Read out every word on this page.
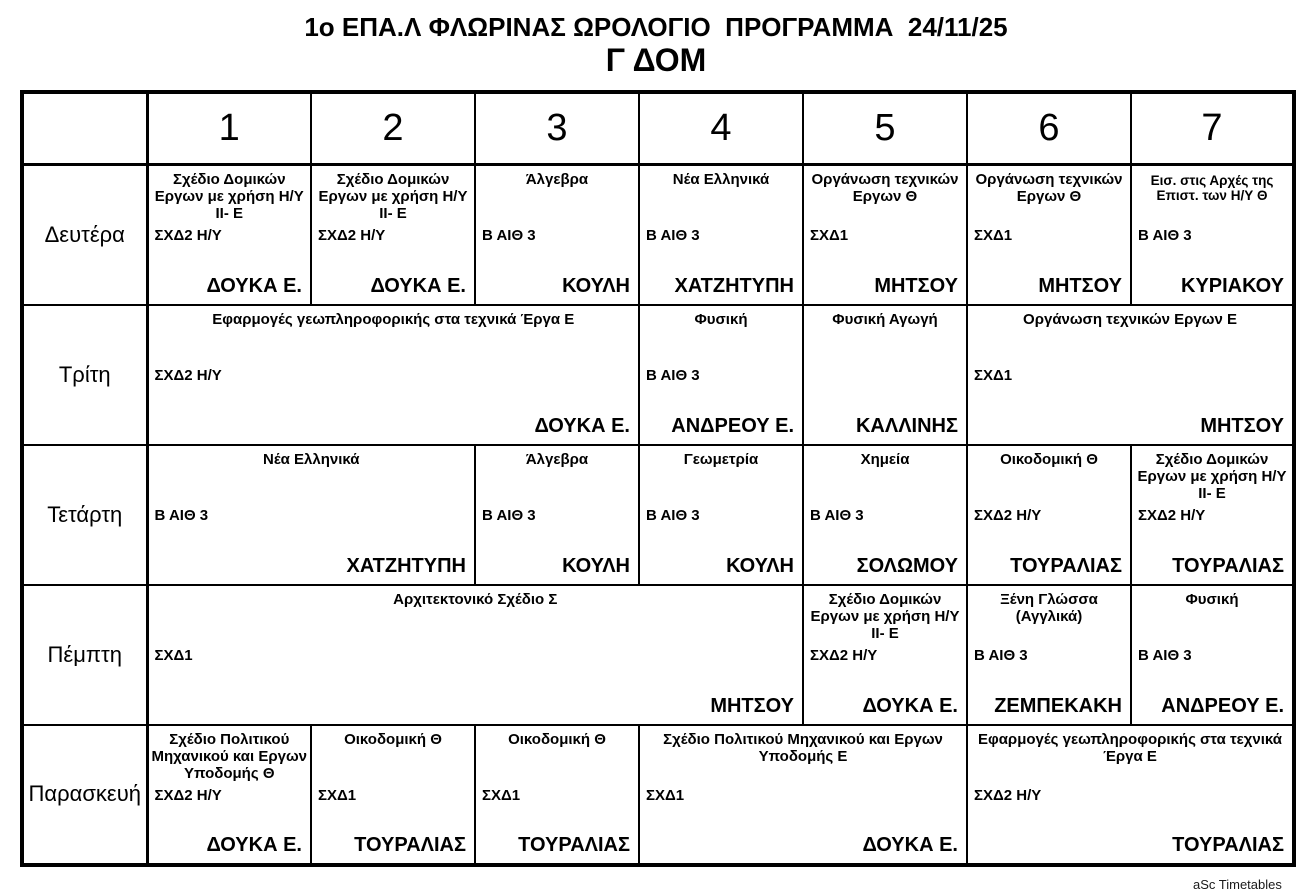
1ο ΕΠΑ.Λ ΦΛΩΡΙΝΑΣ ΩΡΟΛΟΓΙΟ  ΠΡΟΓΡΑΜΜΑ  24/11/25
Γ ΔΟΜ
	1	2	3	4	5	6	7
Δευτέρα	
Σχέδιο Δομικών Εργων με χρήση Η/Υ ΙΙ- Ε
ΣΧΔ2 Η/Υ
ΔΟΥΚΑ Ε.

Σχέδιο Δομικών Εργων με χρήση Η/Υ ΙΙ- Ε
ΣΧΔ2 Η/Υ
ΔΟΥΚΑ Ε.

Άλγεβρα
Β ΑΙΘ 3
ΚΟΥΛΗ

Νέα Ελληνικά
Β ΑΙΘ 3
ΧΑΤΖΗΤΥΠΗ

Οργάνωση τεχνικών Εργων Θ
ΣΧΔ1
ΜΗΤΣΟΥ

Οργάνωση τεχνικών Εργων Θ
ΣΧΔ1
ΜΗΤΣΟΥ

Εισ. στις Αρχές της Επιστ. των Η/Υ Θ
Β ΑΙΘ 3
ΚΥΡΙΑΚΟΥ

Τρίτη	
Εφαρμογές γεωπληροφορικής στα τεχνικά Έργα Ε
ΣΧΔ2 Η/Υ
ΔΟΥΚΑ Ε.

Φυσική
Β ΑΙΘ 3
ΑΝΔΡΕΟΥ Ε.

Φυσική Αγωγή
ΚΑΛΛΙΝΗΣ

Οργάνωση τεχνικών Εργων Ε
ΣΧΔ1
ΜΗΤΣΟΥ

Τετάρτη	
Νέα Ελληνικά
Β ΑΙΘ 3
ΧΑΤΖΗΤΥΠΗ

Άλγεβρα
Β ΑΙΘ 3
ΚΟΥΛΗ

Γεωμετρία
Β ΑΙΘ 3
ΚΟΥΛΗ

Χημεία
Β ΑΙΘ 3
ΣΟΛΩΜΟΥ

Οικοδομική Θ
ΣΧΔ2 Η/Υ
ΤΟΥΡΑΛΙΑΣ

Σχέδιο Δομικών Εργων με χρήση Η/Υ ΙΙ- Ε
ΣΧΔ2 Η/Υ
ΤΟΥΡΑΛΙΑΣ

Πέμπτη	
Αρχιτεκτονικό Σχέδιο Σ
ΣΧΔ1
ΜΗΤΣΟΥ

Σχέδιο Δομικών Εργων με χρήση Η/Υ ΙΙ- Ε
ΣΧΔ2 Η/Υ
ΔΟΥΚΑ Ε.

Ξένη Γλώσσα (Αγγλικά)
Β ΑΙΘ 3
ΖΕΜΠΕΚΑΚΗ

Φυσική
Β ΑΙΘ 3
ΑΝΔΡΕΟΥ Ε.

Παρασκευή	
Σχέδιο Πολιτικού Μηχανικού και Εργων Υποδομής Θ
ΣΧΔ2 Η/Υ
ΔΟΥΚΑ Ε.

Οικοδομική Θ
ΣΧΔ1
ΤΟΥΡΑΛΙΑΣ

Οικοδομική Θ
ΣΧΔ1
ΤΟΥΡΑΛΙΑΣ

Σχέδιο Πολιτικού Μηχανικού και Εργων Υποδομής Ε
ΣΧΔ1
ΔΟΥΚΑ Ε.

Εφαρμογές γεωπληροφορικής στα τεχνικά Έργα Ε
ΣΧΔ2 Η/Υ
ΤΟΥΡΑΛΙΑΣ
aSc Timetables
